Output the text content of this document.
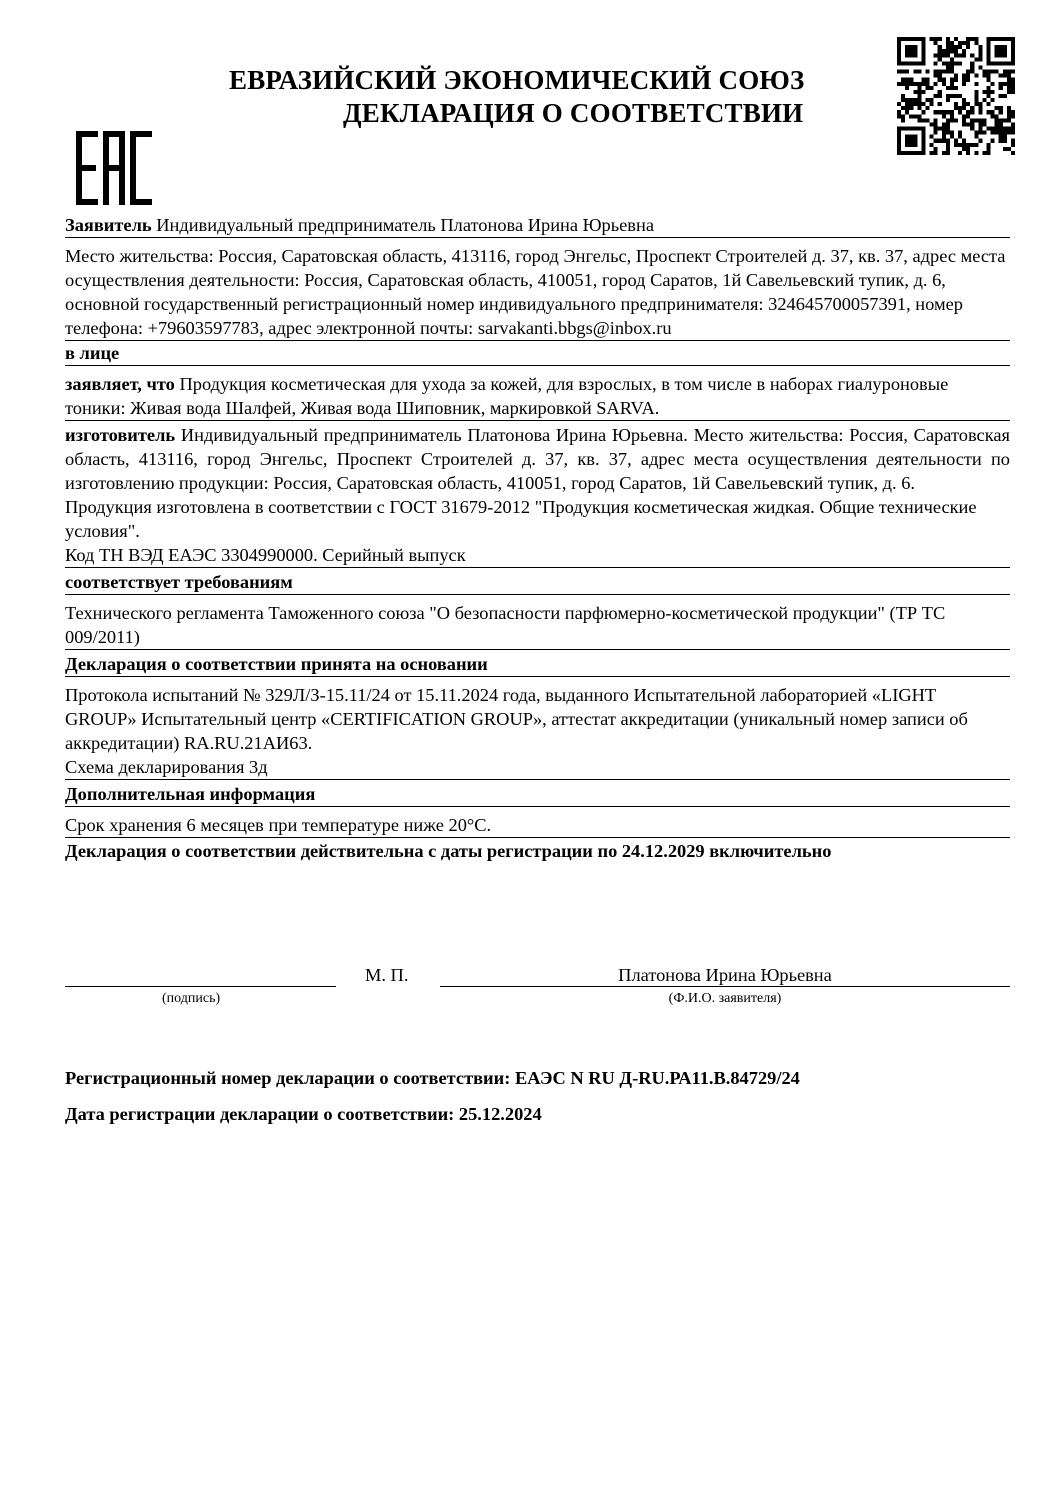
ЕВРАЗИЙСКИЙ ЭКОНОМИЧЕСКИЙ СОЮЗ
ДЕКЛАРАЦИЯ О СООТВЕТСТВИИ
Заявитель Индивидуальный предприниматель Платонова Ирина Юрьевна
Место жительства: Россия, Саратовская область, 413116, город Энгельс, Проспект Строителей д. 37, кв. 37, адрес места осуществления деятельности: Россия, Саратовская область, 410051, город Саратов, 1й Савельевский тупик, д. 6, основной государственный регистрационный номер индивидуального предпринимателя: 324645700057391, номер телефона: +79603597783, адрес электронной почты: sarvakanti.bbgs@inbox.ru
в лице
заявляет, что Продукция косметическая для ухода за кожей, для взрослых, в том числе в наборах гиалуроновые тоники: Живая вода Шалфей, Живая вода Шиповник, маркировкой SARVA.
изготовитель Индивидуальный предприниматель Платонова Ирина Юрьевна. Место жительства: Россия, Саратовская область, 413116, город Энгельс, Проспект Строителей д. 37, кв. 37, адрес места осуществления деятельности по изготовлению продукции: Россия, Саратовская область, 410051, город Саратов, 1й Савельевский тупик, д. 6.
Продукция изготовлена в соответствии с ГОСТ 31679-2012 "Продукция косметическая жидкая. Общие технические условия".
Код ТН ВЭД ЕАЭС 3304990000. Серийный выпуск
соответствует требованиям
Технического регламента Таможенного союза "О безопасности парфюмерно-косметической продукции" (ТР ТС 009/2011)
Декларация о соответствии принята на основании
Протокола испытаний № 329Л/З-15.11/24 от 15.11.2024 года, выданного Испытательной лабораторией «LIGHT GROUP» Испытательный центр «CERTIFICATION GROUP», аттестат аккредитации (уникальный номер записи об аккредитации) RA.RU.21АИ63.
Схема декларирования 3д
Дополнительная информация
Срок хранения 6 месяцев при температуре ниже 20°С.
Декларация о соответствии действительна с даты регистрации по 24.12.2029 включительно
М. П.	Платонова Ирина Юрьевна
(подпись)	(Ф.И.О. заявителя)
Регистрационный номер декларации о соответствии: ЕАЭС N RU Д-RU.РА11.В.84729/24
Дата регистрации декларации о соответствии: 25.12.2024
